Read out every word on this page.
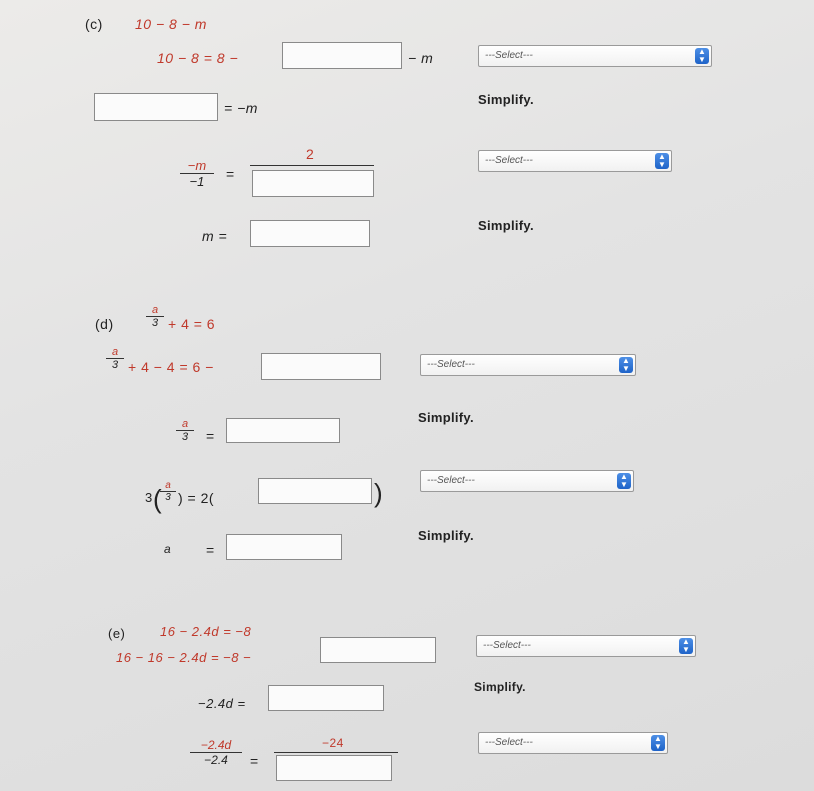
(c) 10 − 8 − m
10 − 8 = 8 −	− m	---Select---	▲
▼
Simplify.
= −m
$\frac{-m}{-1}$ =
2	---Select---	▲
▼
Simplify.
m =
(d)	$\frac{a}{3} + 4 = 6$
$\frac{a}{3} + 4 - 4 = 6$ −	---Select---	▲
▼
Simplify.
$\frac{a}{3}$ =
3 (
$\frac{a}{3}$ ) = 2(	)	---Select---	▲
▼
Simplify.
a =
(e)	16 − 2.4d = −8
16 − 16 − 2.4d = −8 −
---Select---	▲
▼
Simplify.
−2.4d =
$\frac{-2.4d}{-2.4}$ =
−24	---Select---	▲
▼
